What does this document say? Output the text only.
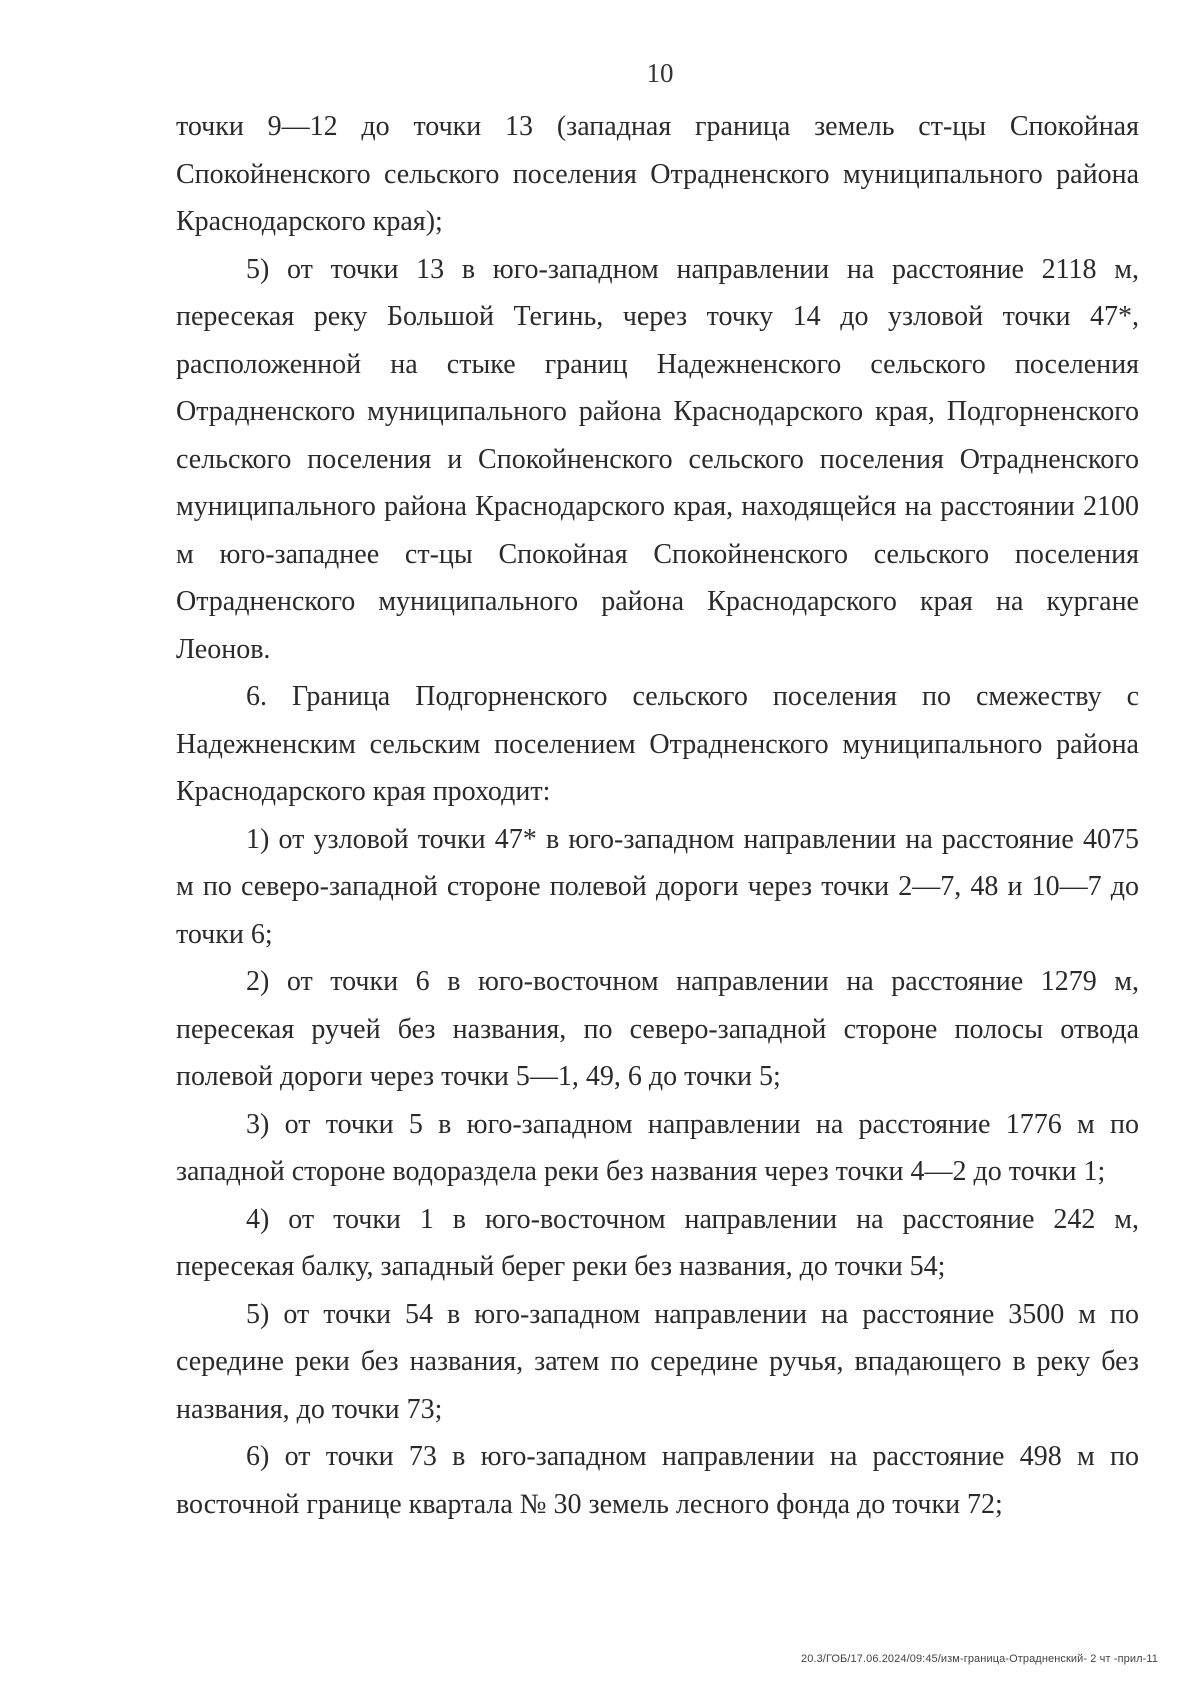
10

точки 9—12 до точки 13 (западная граница земель ст-цы Спокойная Спокойненского сельского поселения Отрадненского муниципального района Краснодарского края);

5) от точки 13 в юго-западном направлении на расстояние 2118 м, пересекая реку Большой Тегинь, через точку 14 до узловой точки 47*, расположенной на стыке границ Надежненского сельского поселения Отрадненского муниципального района Краснодарского края, Подгорненского сельского поселения и Спокойненского сельского поселения Отрадненского муниципального района Краснодарского края, находящейся на расстоянии 2100 м юго-западнее ст-цы Спокойная Спокойненского сельского поселения Отрадненского муниципального района Краснодарского края на кургане Леонов.

6. Граница Подгорненского сельского поселения по смежеству с Надежненским сельским поселением Отрадненского муниципального района Краснодарского края проходит:

1) от узловой точки 47* в юго-западном направлении на расстояние 4075 м по северо-западной стороне полевой дороги через точки 2—7, 48 и 10—7 до точки 6;

2) от точки 6 в юго-восточном направлении на расстояние 1279 м, пересекая ручей без названия, по северо-западной стороне полосы отвода полевой дороги через точки 5—1, 49, 6 до точки 5;

3) от точки 5 в юго-западном направлении на расстояние 1776 м по западной стороне водораздела реки без названия через точки 4—2 до точки 1;

4) от точки 1 в юго-восточном направлении на расстояние 242 м, пересекая балку, западный берег реки без названия, до точки 54;

5) от точки 54 в юго-западном направлении на расстояние 3500 м по середине реки без названия, затем по середине ручья, впадающего в реку без названия, до точки 73;

6) от точки 73 в юго-западном направлении на расстояние 498 м по восточной границе квартала № 30 земель лесного фонда до точки 72;

20.3/ГОБ/17.06.2024/09:45/изм-граница-Отрадненский- 2 чт -прил-11
